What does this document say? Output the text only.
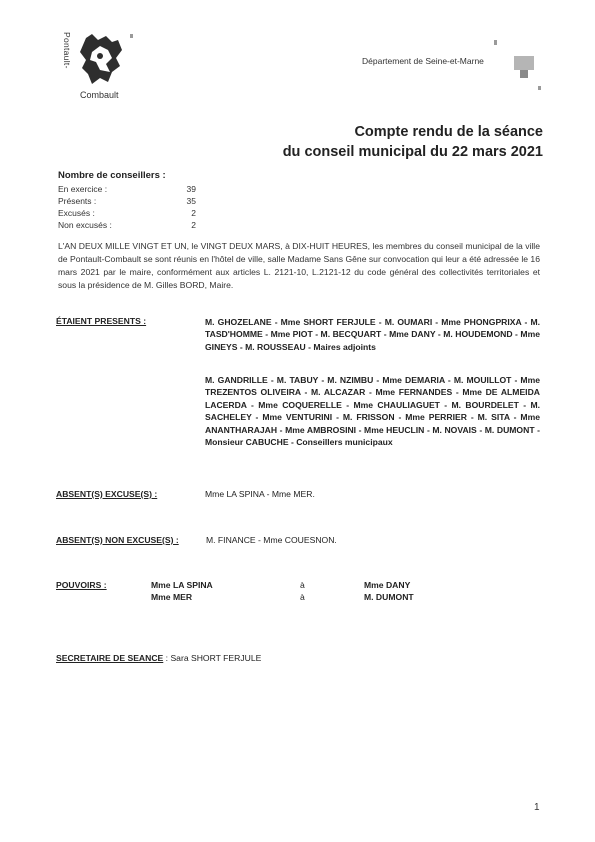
Pontault-
Combault
Département de Seine-et-Marne
Compte rendu de la séance
du conseil municipal du 22 mars 2021
Nombre de conseillers :
En exercice :	39
Présents :	35
Excusés :	2
Non excusés :	2
L'AN DEUX MILLE VINGT ET UN, le VINGT DEUX MARS, à DIX-HUIT HEURES, les membres du conseil municipal de la ville de Pontault-Combault se sont réunis en l'hôtel de ville, salle Madame Sans Gêne sur convocation qui leur a été adressée le 16 mars 2021 par le maire, conformément aux articles L. 2121-10, L.2121-12 du code général des collectivités territoriales et sous la présidence de M. Gilles BORD, Maire.
ÉTAIENT PRESENTS :	M. GHOZELANE - Mme SHORT FERJULE - M. OUMARI - Mme PHONGPRIXA - M. TASD'HOMME - Mme PIOT - M. BECQUART - Mme DANY - M. HOUDEMOND - Mme GINEYS - M. ROUSSEAU - Maires adjoints
M. GANDRILLE - M. TABUY - M. NZIMBU - Mme DEMARIA - M. MOUILLOT - Mme TREZENTOS OLIVEIRA - M. ALCAZAR - Mme FERNANDES - Mme DE ALMEIDA LACERDA - Mme COQUERELLE - Mme CHAULIAGUET - M. BOURDELET - M. SACHELEY - Mme VENTURINI - M. FRISSON - Mme PERRIER - M. SITA - Mme ANANTHARAJAH - Mme AMBROSINI - Mme HEUCLIN - M. NOVAIS - M. DUMONT - Monsieur CABUCHE - Conseillers municipaux
ABSENT(S) EXCUSE(S) :	Mme LA SPINA - Mme MER.
ABSENT(S) NON EXCUSE(S) :	M. FINANCE - Mme COUESNON.
POUVOIRS :	Mme LA SPINA	à	Mme DANY
Mme MER	à	M. DUMONT
SECRETAIRE DE SEANCE : Sara SHORT FERJULE
1
